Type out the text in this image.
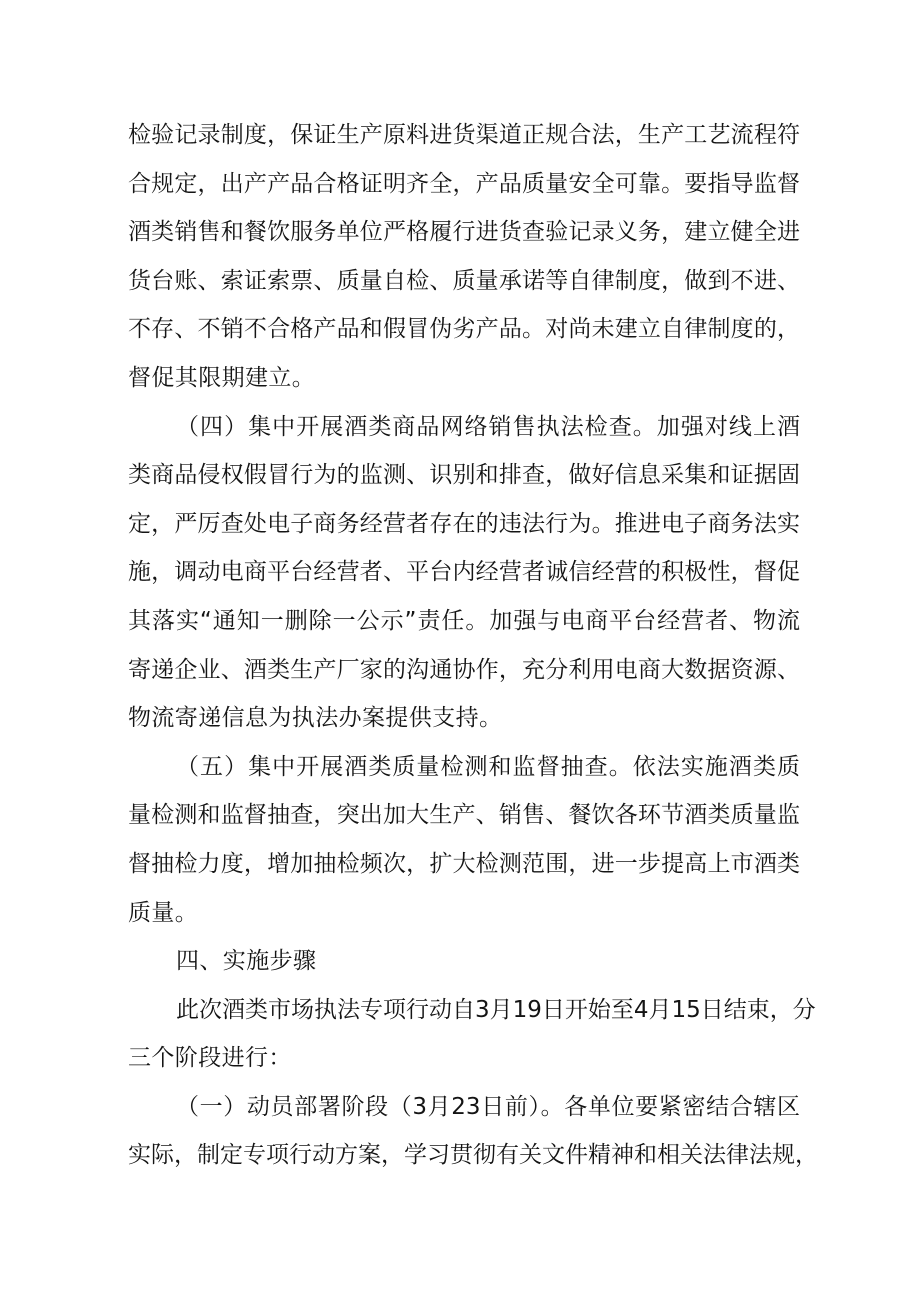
检验记录制度，保证生产原料进货渠道正规合法，生产工艺流程符
合规定，出产产品合格证明齐全，产品质量安全可靠。要指导监督
酒类销售和餐饮服务单位严格履行进货查验记录义务，建立健全进
货台账、索证索票、质量自检、质量承诺等自律制度，做到不进、
不存、不销不合格产品和假冒伪劣产品。对尚未建立自律制度的，
督促其限期建立。

（四）集中开展酒类商品网络销售执法检查。加强对线上酒
类商品侵权假冒行为的监测、识别和排查，做好信息采集和证据固
定，严厉查处电子商务经营者存在的违法行为。推进电子商务法实
施，调动电商平台经营者、平台内经营者诚信经营的积极性，督促
其落实“通知一删除一公示”责任。加强与电商平台经营者、物流
寄递企业、酒类生产厂家的沟通协作，充分利用电商大数据资源、
物流寄递信息为执法办案提供支持。

（五）集中开展酒类质量检测和监督抽查。依法实施酒类质
量检测和监督抽查，突出加大生产、销售、餐饮各环节酒类质量监
督抽检力度，增加抽检频次，扩大检测范围，进一步提高上市酒类
质量。

四、实施步骤

此次酒类市场执法专项行动自3月19日开始至4月15日结束，分
三个阶段进行：

（一）动员部署阶段（3月23日前）。各单位要紧密结合辖区
实际，制定专项行动方案，学习贯彻有关文件精神和相关法律法规，
